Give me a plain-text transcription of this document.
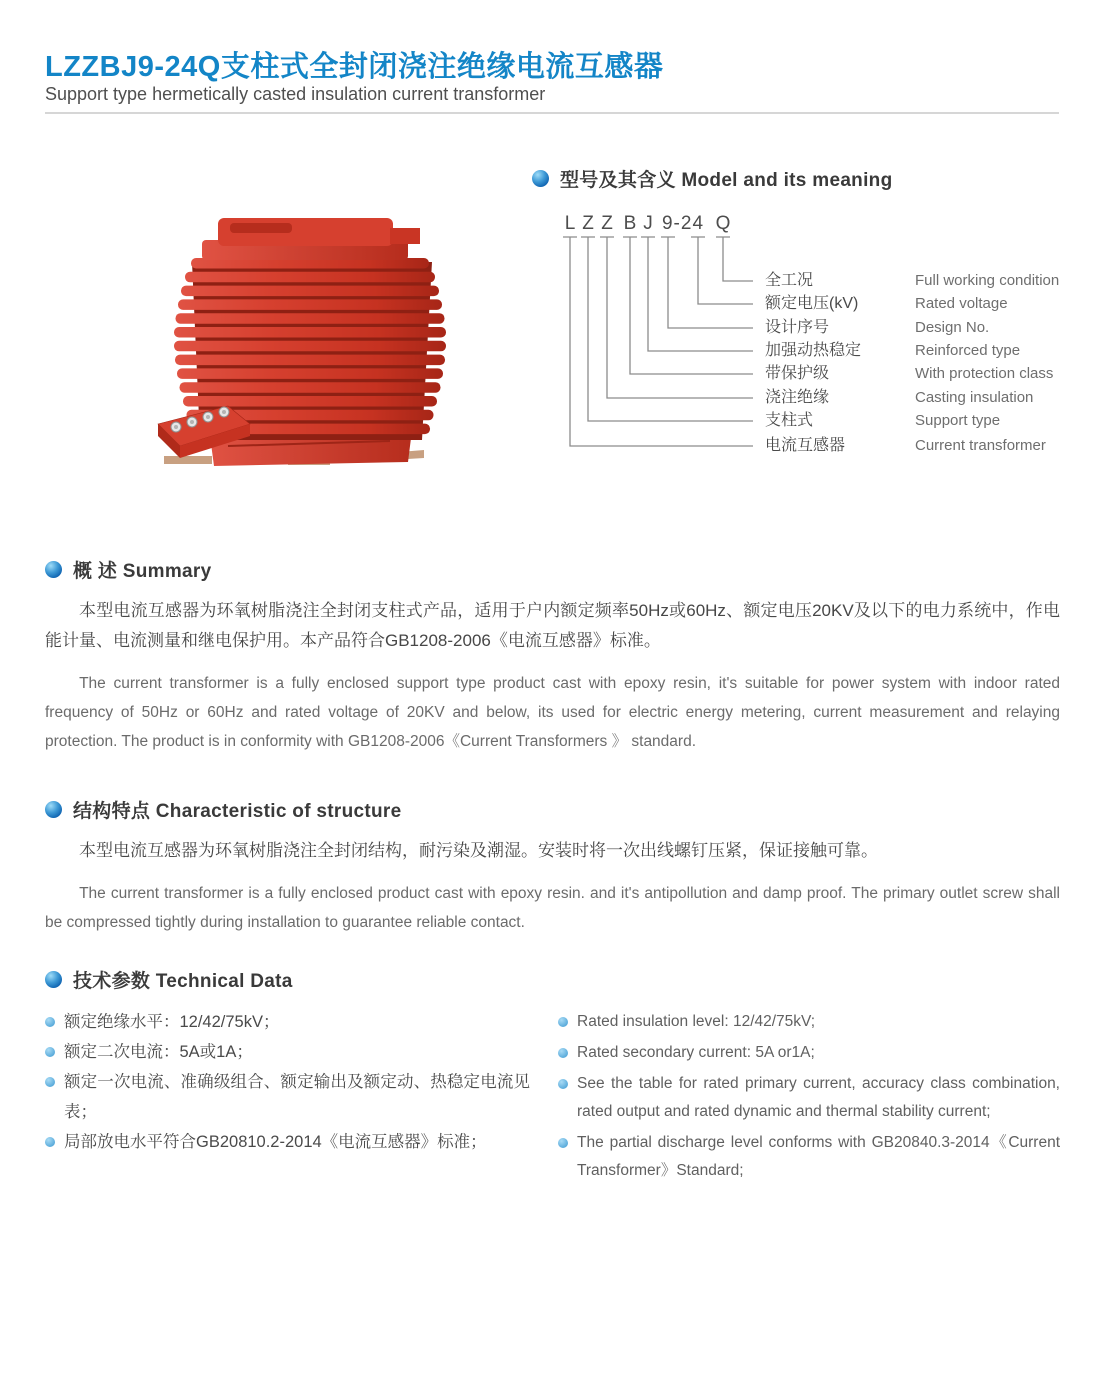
LZZBJ9-24Q支柱式全封闭浇注绝缘电流互感器
Support type hermetically casted insulation current transformer
型号及其含义 Model and its meaning
L Z Z B J 9-24 Q
全工况	Full working condition
额定电压(kV)	Rated voltage
设计序号	Design No.
加强动热稳定	Reinforced type
带保护级	With protection class
浇注绝缘	Casting insulation
支柱式	Support type
电流互感器	Current transformer
概 述 Summary

本型电流互感器为环氧树脂浇注全封闭支柱式产品，适用于户内额定频率50Hz或60Hz、额定电压20KV及以下的电力系统中，作电能计量、电流测量和继电保护用。本产品符合GB1208-2006《电流互感器》标准。

The current transformer is a fully enclosed support type product cast with epoxy resin, it's suitable for power system with indoor rated frequency of 50Hz or 60Hz and rated voltage of 20KV and below, its used for electric energy metering, current measurement and relaying protection. The product is in conformity with GB1208-2006《Current Transformers 》 standard.

结构特点 Characteristic of structure

本型电流互感器为环氧树脂浇注全封闭结构，耐污染及潮湿。安装时将一次出线螺钉压紧，保证接触可靠。

The current transformer is a fully enclosed product cast with epoxy resin. and it's antipollution and damp proof. The primary outlet screw shall be compressed tightly during installation to guarantee reliable contact.

技术参数 Technical Data
额定绝缘水平：12/42/75kV；
额定二次电流：5A或1A；
额定一次电流、准确级组合、额定输出及额定动、热稳定电流见表；
局部放电水平符合GB20810.2-2014《电流互感器》标准；
Rated insulation level: 12/42/75kV;
Rated secondary current: 5A or1A;
See the table for rated primary current, accuracy class combination, rated output and rated dynamic and thermal stability current;
The partial discharge level conforms with GB20840.3-2014《Current Transformer》Standard;
